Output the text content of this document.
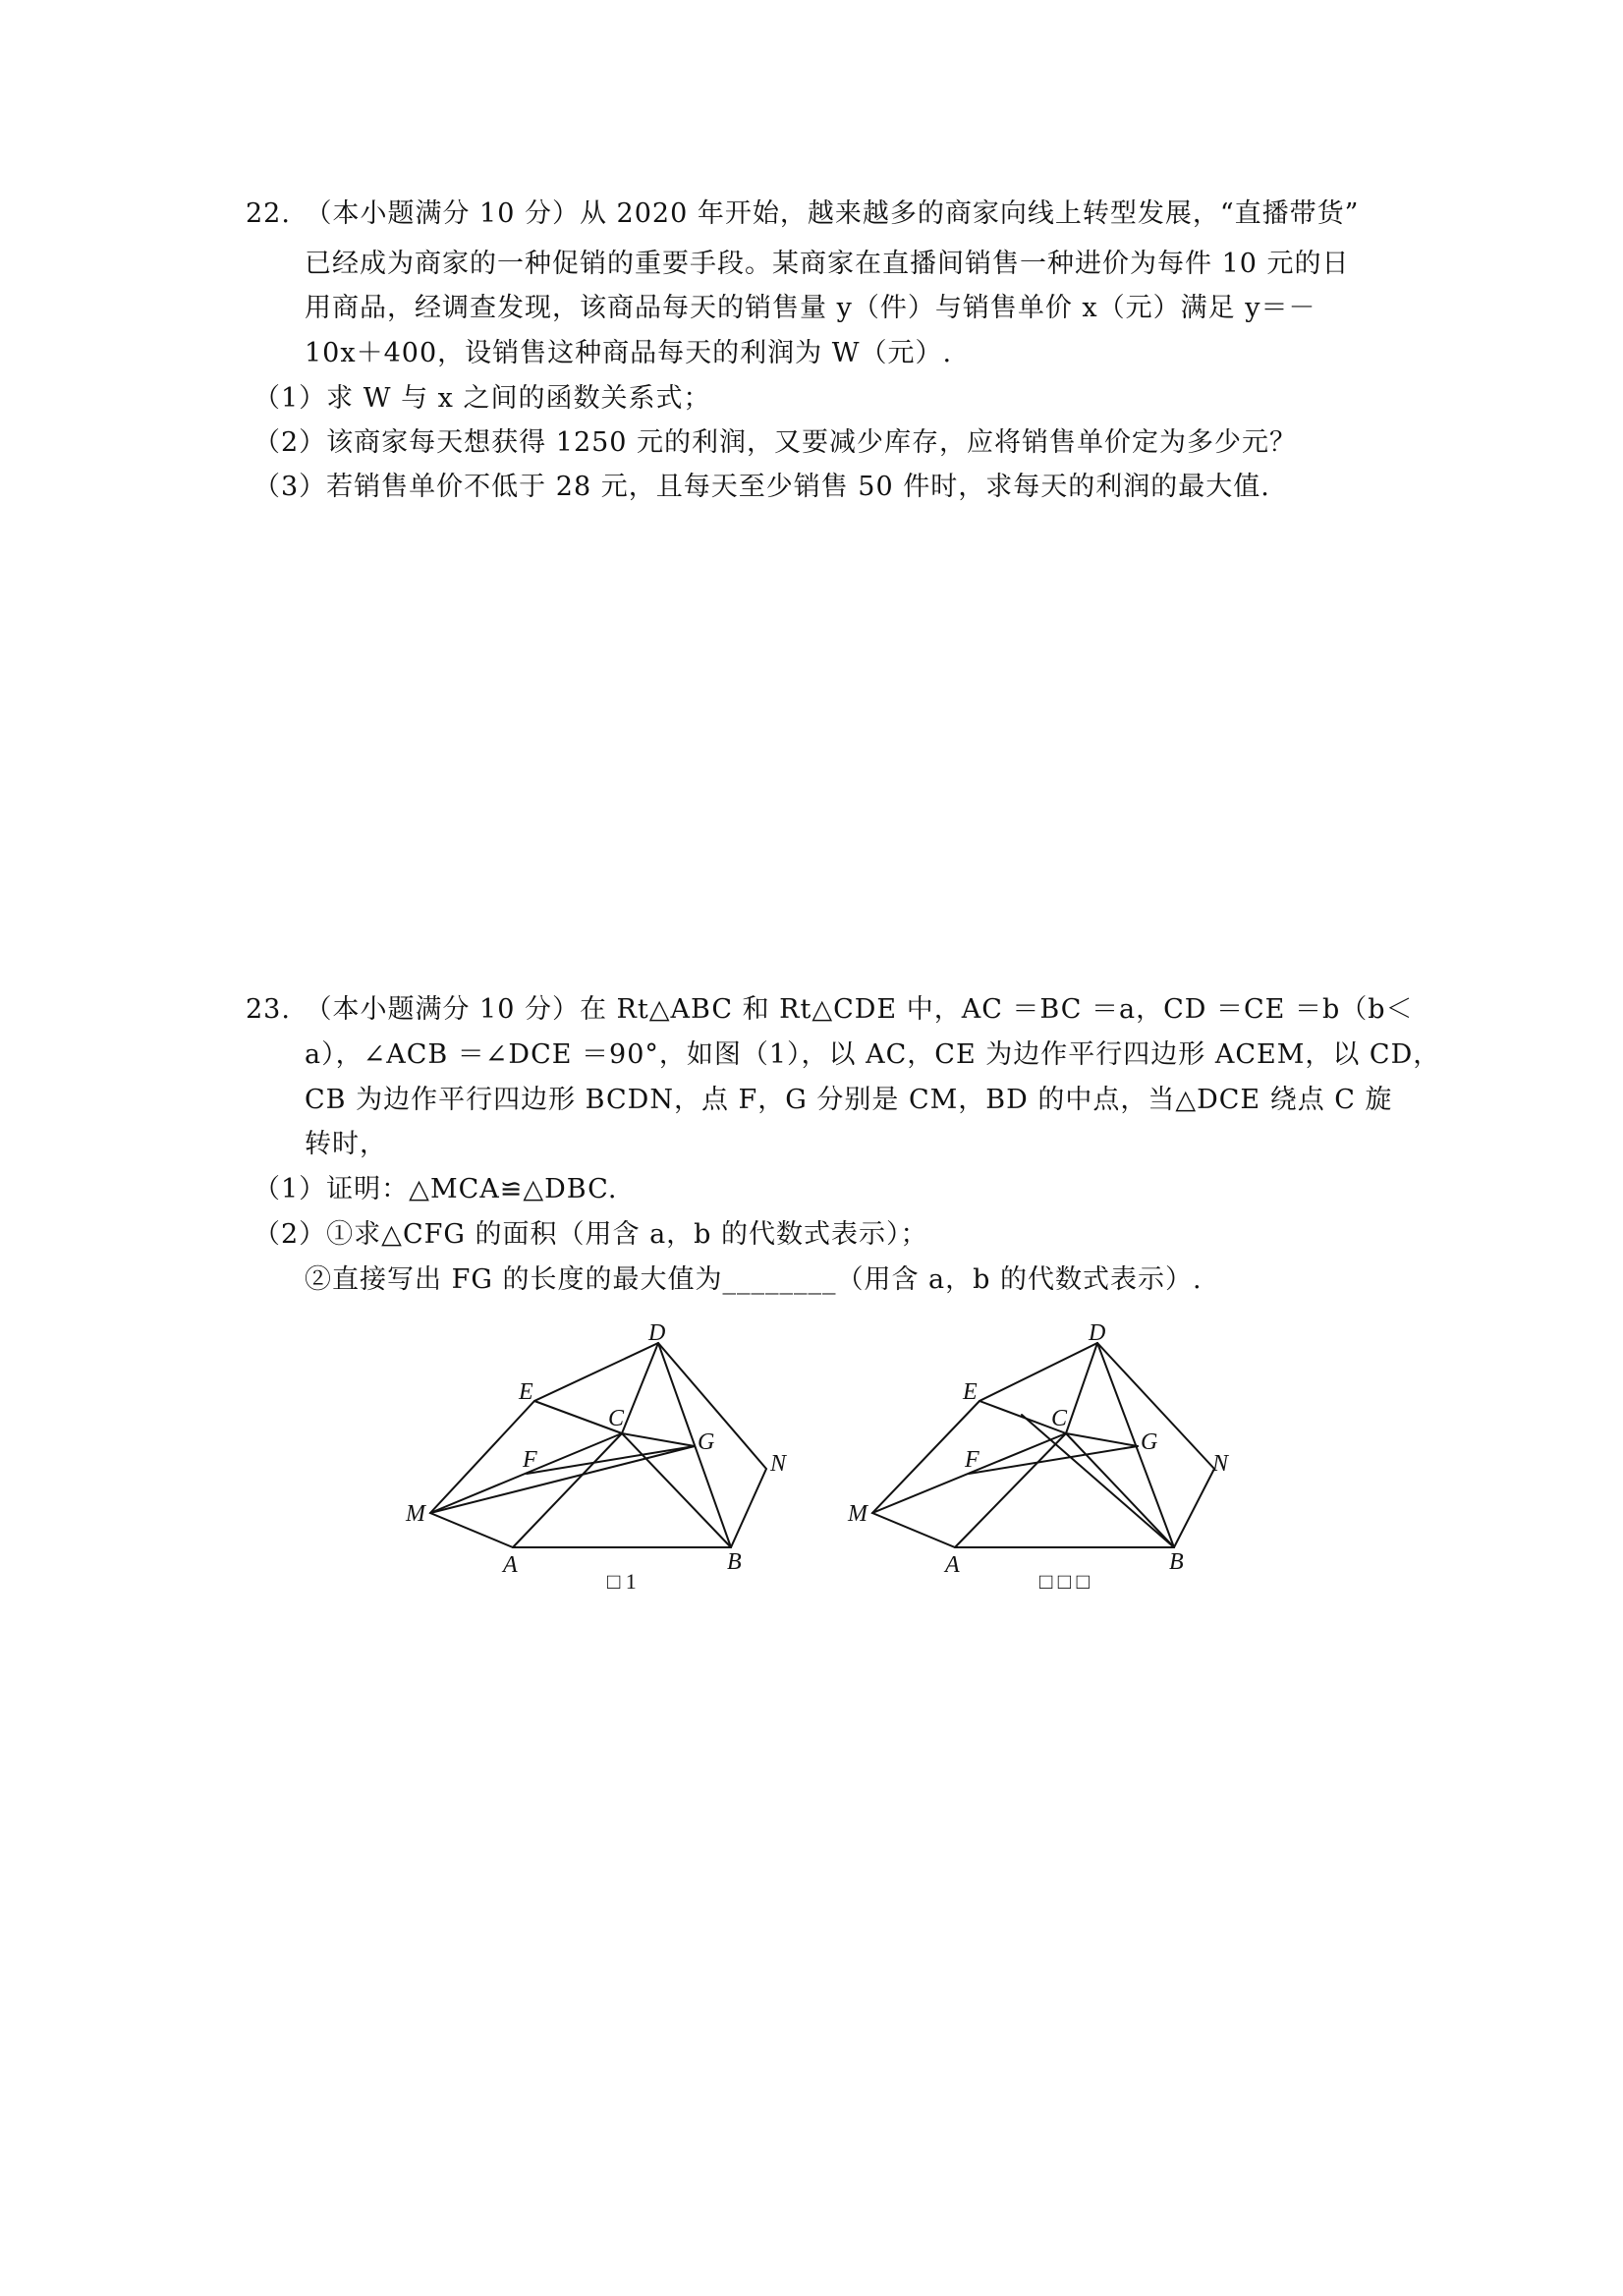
22.　（本小题满分 10 分）从 2020 年开始，越来越多的商家向线上转型发展，“直播带货”
已经成为商家的一种促销的重要手段。某商家在直播间销售一种进价为每件 10 元的日
用商品，经调查发现，该商品每天的销售量 y（件）与销售单价 x（元）满足 y＝－
10x＋400，设销售这种商品每天的利润为 W（元）.
（1）求 W 与 x 之间的函数关系式；
（2）该商家每天想获得 1250 元的利润，又要减少库存，应将销售单价定为多少元？
（3）若销售单价不低于 28 元，且每天至少销售 50 件时，求每天的利润的最大值.
23.　（本小题满分 10 分）在 Rt△ABC 和 Rt△CDE 中，AC ＝BC ＝a，CD ＝CE ＝b（b＜
a），∠ACB ＝∠DCE ＝90°，如图（1），以 AC，CE 为边作平行四边形 ACEM，以 CD，
CB 为边作平行四边形 BCDN，点 F，G 分别是 CM，BD 的中点，当△DCE 绕点 C 旋
转时，
（1）证明：△MCA≌△DBC.
（2）①求△CFG 的面积（用含 a，b 的代数式表示）；
②直接写出 FG 的长度的最大值为________（用含 a，b 的代数式表示）.
D
E
C
F
G
N
M
A	B
□ 1
D
E
C
F
G
N
M
A	B
□ □ □
